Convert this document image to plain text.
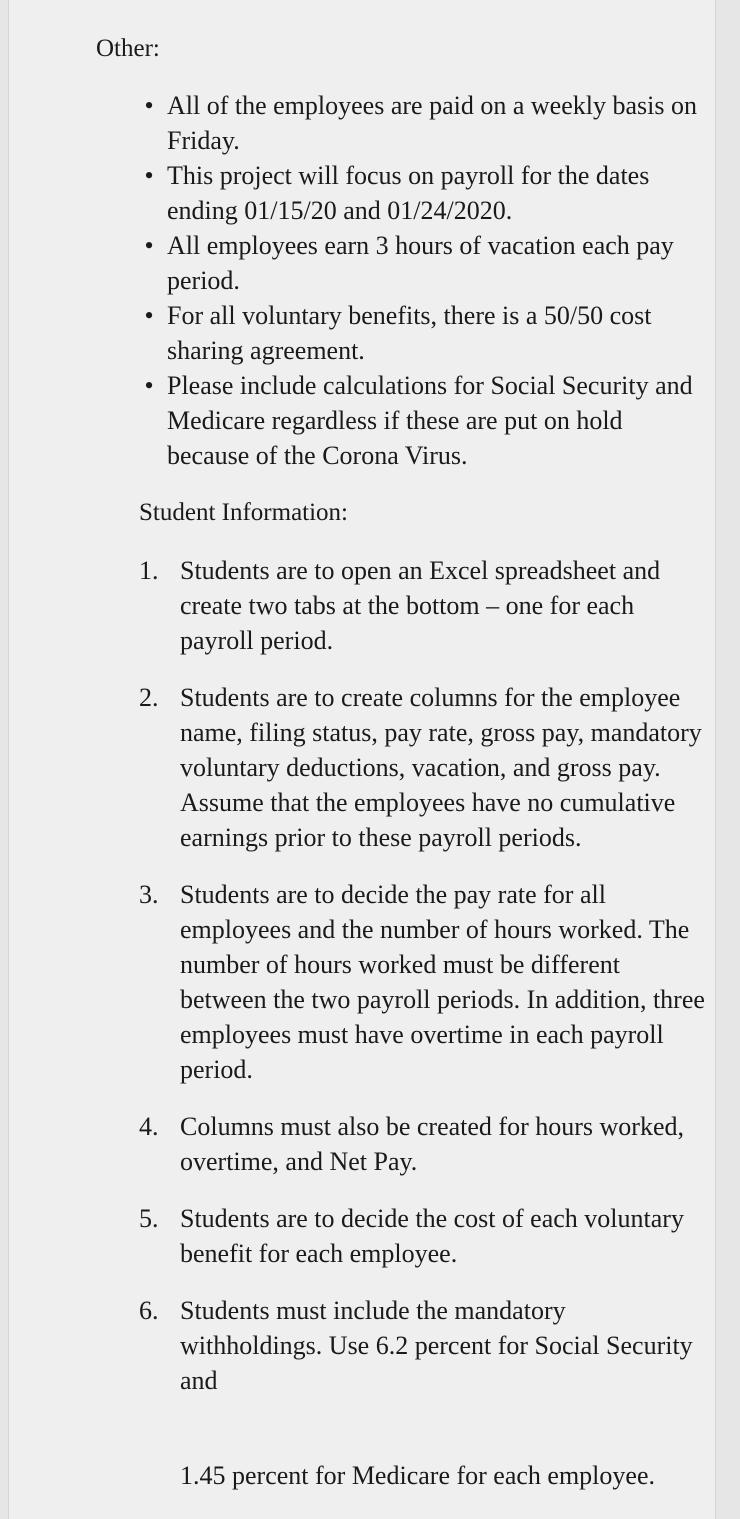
Other:
• All of the employees are paid on a weekly basis on Friday.
• This project will focus on payroll for the dates ending 01/15/20 and 01/24/2020.
• All employees earn 3 hours of vacation each pay period.
• For all voluntary benefits, there is a 50/50 cost sharing agreement.
• Please include calculations for Social Security and Medicare regardless if these are put on hold because of the Corona Virus.
Student Information:
1. Students are to open an Excel spreadsheet and create two tabs at the bottom – one for each payroll period.
2. Students are to create columns for the employee name, filing status, pay rate, gross pay, mandatory voluntary deductions, vacation, and gross pay. Assume that the employees have no cumulative earnings prior to these payroll periods.
3. Students are to decide the pay rate for all employees and the number of hours worked. The number of hours worked must be different between the two payroll periods. In addition, three employees must have overtime in each payroll period.
4. Columns must also be created for hours worked, overtime, and Net Pay.
5. Students are to decide the cost of each voluntary benefit for each employee.
6. Students must include the mandatory withholdings. Use 6.2 percent for Social Security and

1.45 percent for Medicare for each employee.
